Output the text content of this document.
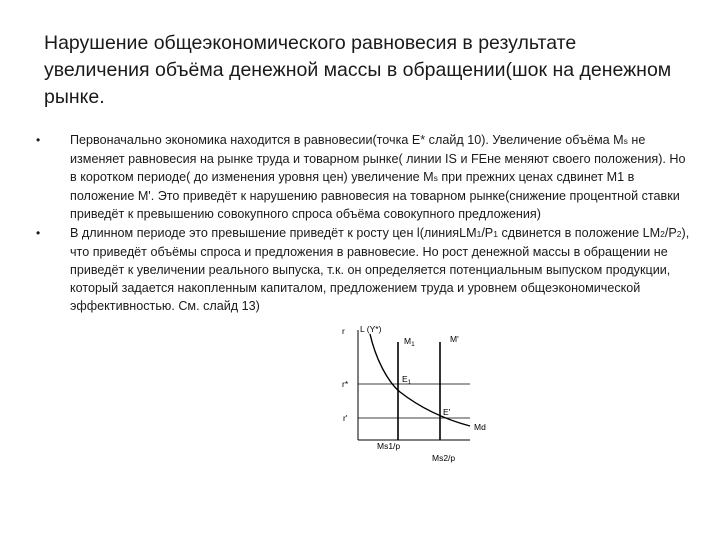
Нарушение общеэкономического равновесия в результате увеличения объёма денежной массы в обращении(шок на денежном рынке.
• Первоначально экономика находится в равновесии(точка Е* слайд 10). Увеличение объёма Мs не изменяет равновесия на рынке труда и товарном рынке( линии IS и FEне меняют своего положения). Но в коротком периоде( до изменения уровня цен) увеличение Мs при прежних ценах сдвинет М1 в положение М'. Это приведёт к нарушению равновесия на товарном рынке(снижение процентной ставки приведёт к превышению совокупного спроса объёма совокупного предложения)
• В длинном периоде это превышение приведёт к росту цен l(линияLM1/P1 сдвинется в положение LM2/P2), что приведёт объёмы спроса и предложения в равновесие. Но рост денежной массы в обращении не приведёт к увеличении реального выпуска, т.к. он определяется потенциальным выпуском продукции, который задается накопленным капиталом, предложением труда и уровнем общеэкономической эффективностью. См. слайд 13)
r L (Y*)
$M_1$
M'
r*	$E_1$
r'
E'
Md
Ms1/p
Ms2/p
